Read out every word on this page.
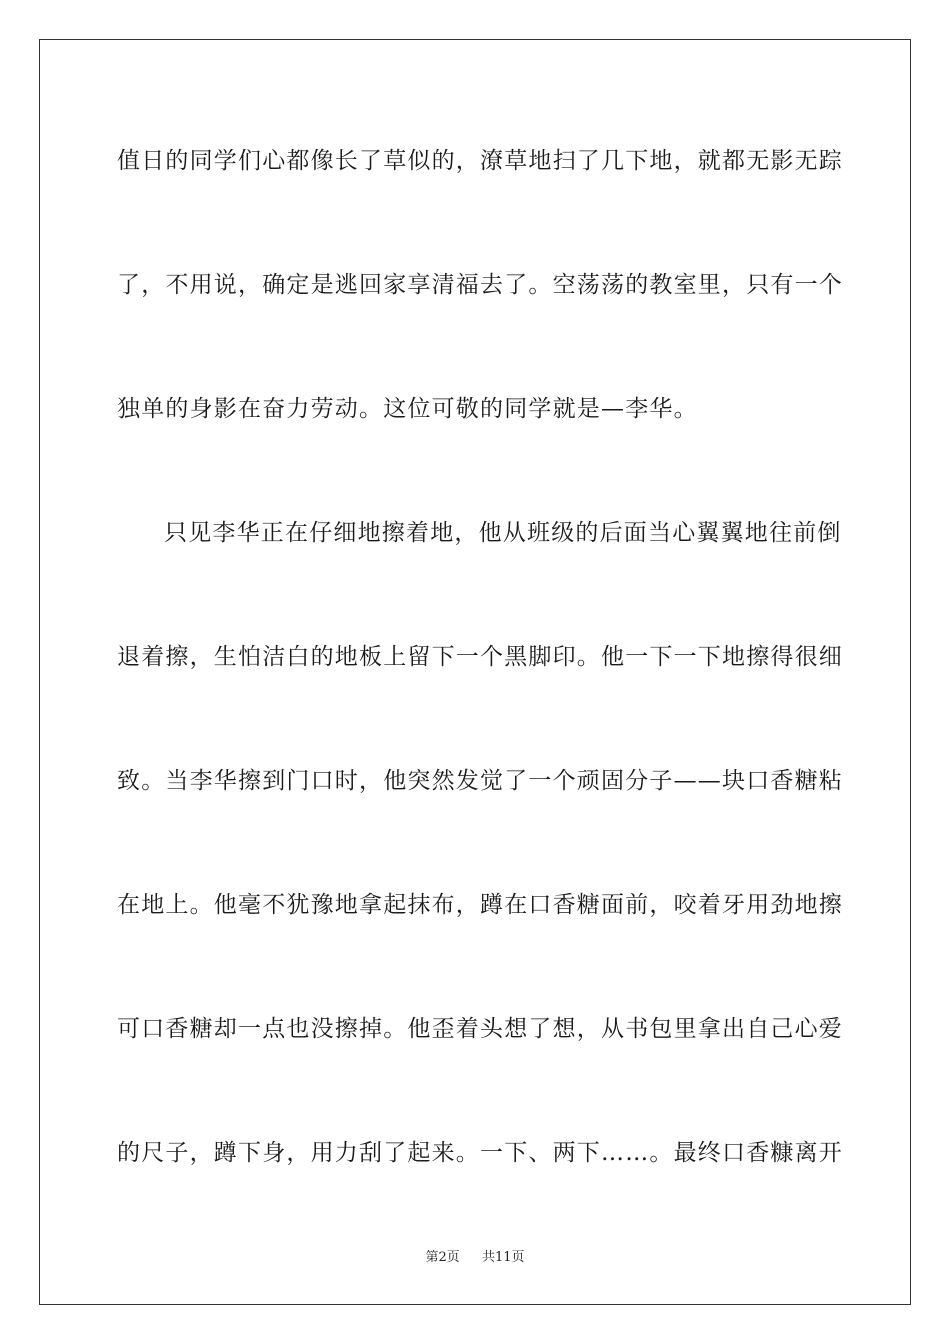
值日的同学们心都像长了草似的，潦草地扫了几下地，就都无影无踪
了，不用说，确定是逃回家享清福去了。空荡荡的教室里，只有一个
独单的身影在奋力劳动。这位可敬的同学就是—李华。
只见李华正在仔细地擦着地，他从班级的后面当心翼翼地往前倒
退着擦，生怕洁白的地板上留下一个黑脚印。他一下一下地擦得很细
致。当李华擦到门口时，他突然发觉了一个顽固分子——块口香糖粘
在地上。他毫不犹豫地拿起抹布，蹲在口香糖面前，咬着牙用劲地擦
可口香糖却一点也没擦掉。他歪着头想了想，从书包里拿出自己心爱
的尺子，蹲下身，用力刮了起来。一下、两下……。最终口香糠离开
第2页 共11页
